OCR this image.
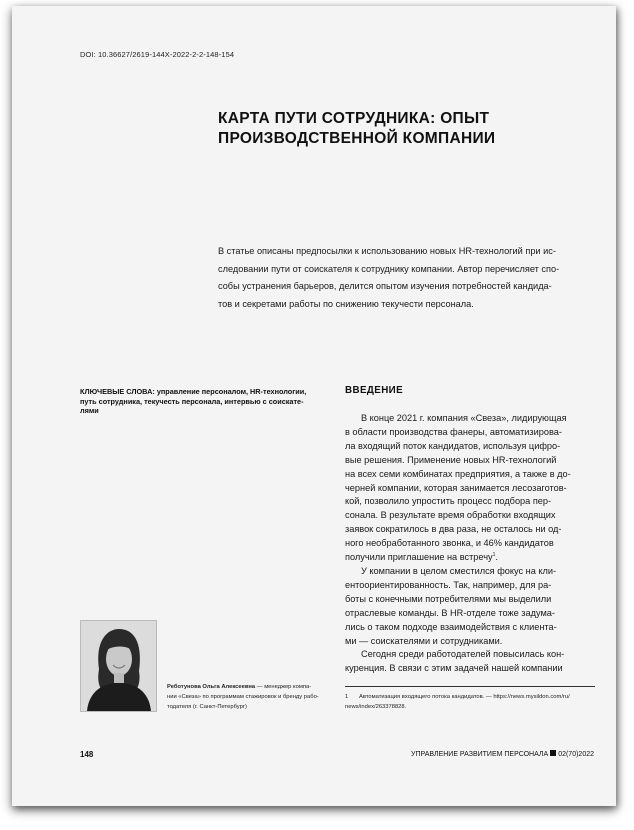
DOI: 10.36627/2619-144X-2022-2-2-148-154
КАРТА ПУТИ СОТРУДНИКА: ОПЫТ
ПРОИЗВОДСТВЕННОЙ КОМПАНИИ
В статье описаны предпосылки к использованию новых HR-технологий при ис-
следовании пути от соискателя к сотруднику компании. Автор перечисляет спо-
собы устранения барьеров, делится опытом изучения потребностей кандида-
тов и секретами работы по снижению текучести персонала.
КЛЮЧЕВЫЕ СЛОВА: управление персоналом, HR-технологии,
путь сотрудника, текучесть персонала, интервью с соискате-
лями
ВВЕДЕНИЕ
В конце 2021 г. компания «Свеза», лидирующая
в области производства фанеры, автоматизирова-
ла входящий поток кандидатов, используя цифро-
вые решения. Применение новых HR-технологий
на всех семи комбинатах предприятия, а также в до-
черней компании, которая занимается лесозаготов-
кой, позволило упростить процесс подбора пер-
сонала. В результате время обработки входящих
заявок сократилось в два раза, не осталось ни од-
ного необработанного звонка, и 46% кандидатов
получили приглашение на встречу$^1$.
У компании в целом сместился фокус на кли-
ентоориентированность. Так, например, для ра-
боты с конечными потребителями мы выделили
отраслевые команды. В HR-отделе тоже задума-
лись о таком подходе взаимодействия с клиента-
ми — соискателями и сотрудниками.
Сегодня среди работодателей повысилась кон-
куренция. В связи с этим задачей нашей компании
Реботунова Ольга Алексеевна — менеджер компа-
нии «Свеза» по программам стажировок и бренду рабо-
тодателя (г. Санкт-Петербург)
1 Автоматизация входящего потока кандидатов. — https://news.mysildon.com/ru/
news/index/263378828.
148	УПРАВЛЕНИЕ РАЗВИТИЕМ ПЕРСОНАЛА 02(70)2022
